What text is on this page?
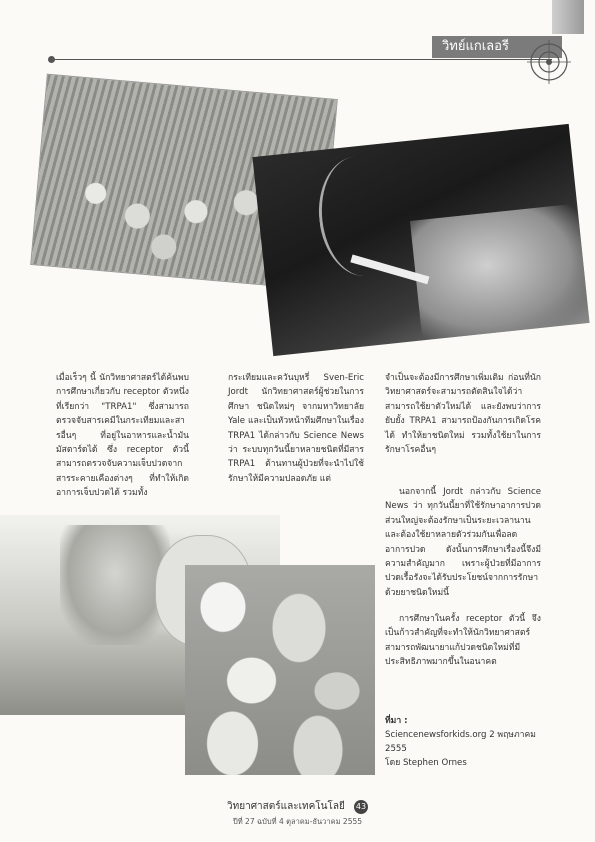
วิทย์แกเลอรี
เมื่อเร็วๆ นี้ นักวิทยาศาสตร์ได้ค้นพบการศึกษาเกี่ยวกับ receptor ตัวหนึ่งที่เรียกว่า "TRPA1" ซึ่งสามารถตรวจจับสารเคมีในกระเทียมและสารอื่นๆ ที่อยู่ในอาหารและน้ำมันมัสตาร์ดได้ ซึ่ง receptor ตัวนี้สามารถตรวจจับความเจ็บปวดจากสารระคายเคืองต่างๆ ที่ทำให้เกิดอาการเจ็บปวดได้ รวมทั้ง
กระเทียมและควันบุหรี่ Sven-Eric Jordt นักวิทยาศาสตร์ผู้ช่วยในการศึกษา ชนิดใหม่ๆ จากมหาวิทยาลัย Yale และเป็นหัวหน้าทีมศึกษาในเรื่อง TRPA1 ได้กล่าวกับ Science News ว่า ระบบทุกวันนี้ยาหลายชนิดที่มีสาร TRPA1 ต้านทานผู้ป่วยที่จะนำไปใช้รักษาให้มีความปลอดภัย แต่
จำเป็นจะต้องมีการศึกษาเพิ่มเติม ก่อนที่นักวิทยาศาสตร์จะสามารถตัดสินใจได้ว่าสามารถใช้ยาตัวใหม่ได้ และยังพบว่าการยับยั้ง TRPA1 สามารถป้องกันการเกิดโรคได้ ทำให้ยาชนิดใหม่ รวมทั้งใช้ยาในการรักษาโรคอื่นๆ
นอกจากนี้ Jordt กล่าวกับ Science News ว่า ทุกวันนี้ยาที่ใช้รักษาอาการปวดส่วนใหญ่จะต้องรักษาเป็นระยะเวลานาน และต้องใช้ยาหลายตัวร่วมกันเพื่อลดอาการปวด ดังนั้นการศึกษาเรื่องนี้จึงมีความสำคัญมาก เพราะผู้ป่วยที่มีอาการปวดเรื้อรังจะได้รับประโยชน์จากการรักษาด้วยยาชนิดใหม่นี้
การศึกษาในครั้ง receptor ตัวนี้ จึงเป็นก้าวสำคัญที่จะทำให้นักวิทยาศาสตร์สามารถพัฒนายาแก้ปวดชนิดใหม่ที่มีประสิทธิภาพมากขึ้นในอนาคต

ที่มา :
Sciencenewsforkids.org 2 พฤษภาคม 2555

โดย Stephen Ornes

วิทยาศาสตร์และเทคโนโลยี 43
ปีที่ 27 ฉบับที่ 4 ตุลาคม-ธันวาคม 2555
